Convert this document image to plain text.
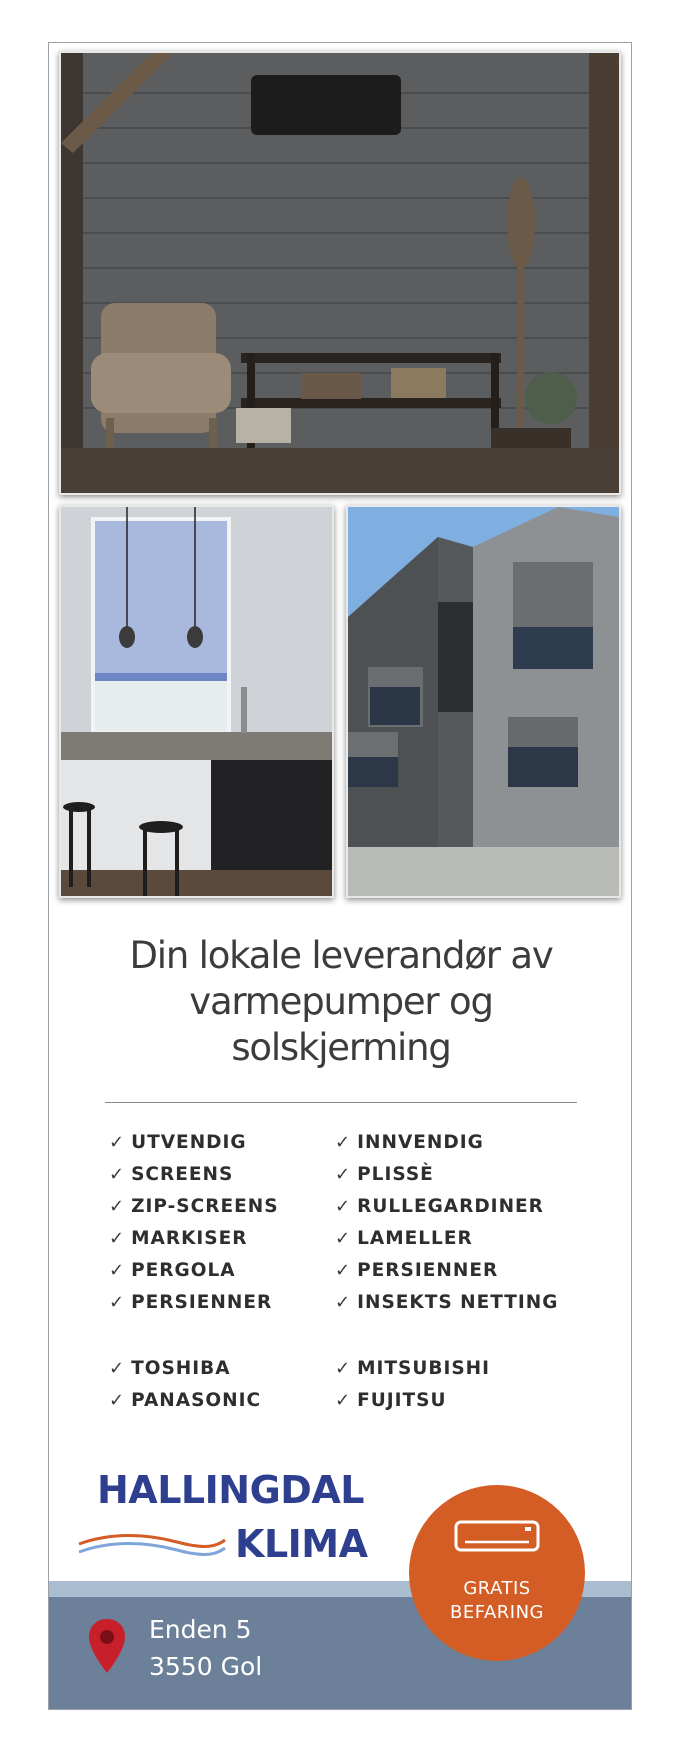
Din lokale leverandør av
varmepumper og
solskjerming
✓ UTVENDIG
✓ SCREENS
✓ ZIP-SCREENS
✓ MARKISER
✓ PERGOLA
✓ PERSIENNER
✓ INNVENDIG
✓ PLISSÈ
✓ RULLEGARDINER
✓ LAMELLER
✓ PERSIENNER
✓ INSEKTS NETTING
✓ TOSHIBA
✓ PANASONIC
✓ MITSUBISHI
✓ FUJITSU
HALLINGDAL
KLIMA
Enden 5
3550 Gol
GRATIS
BEFARING
